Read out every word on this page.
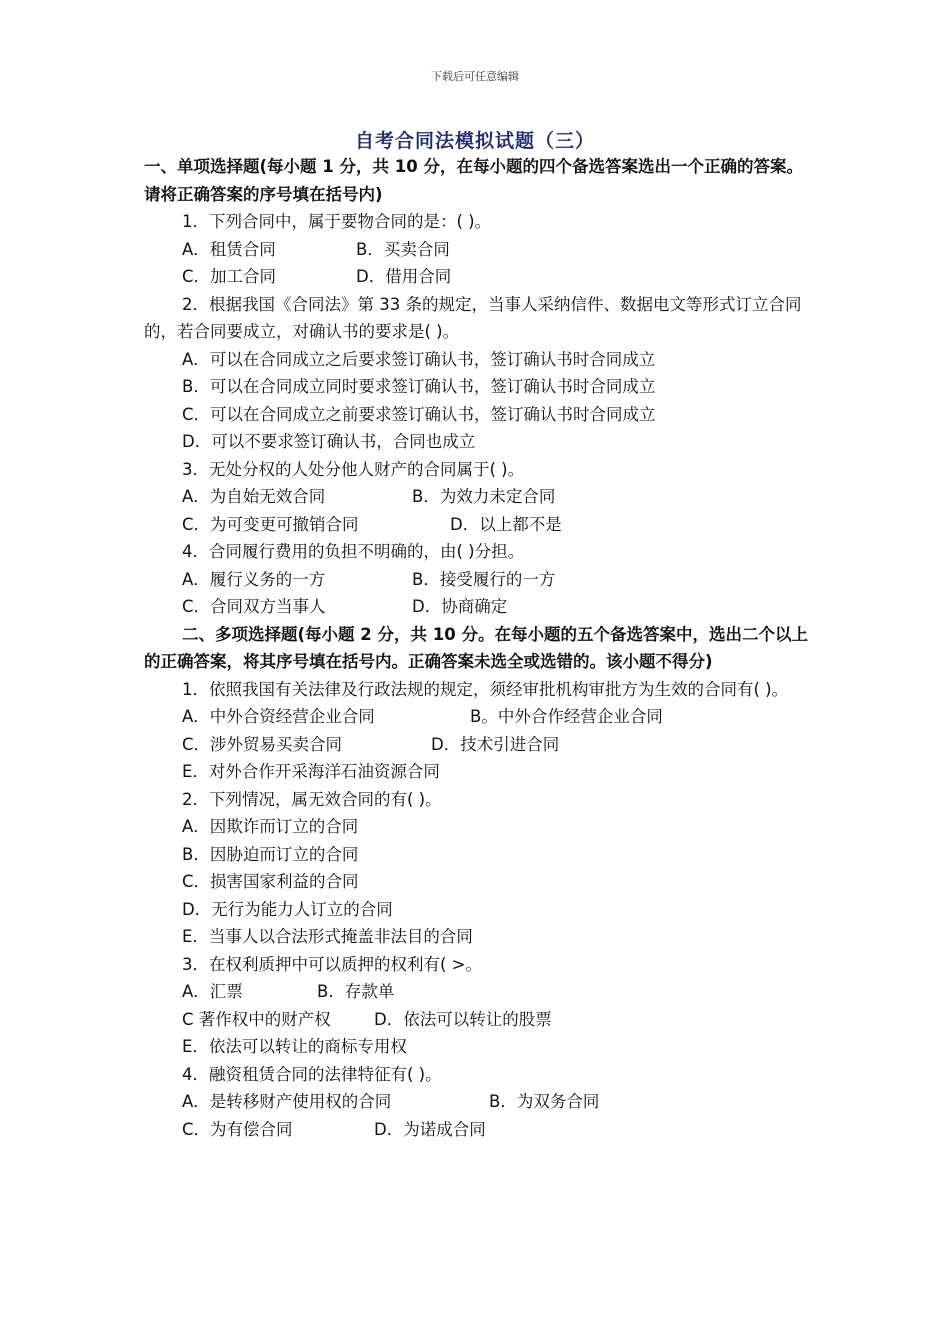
下载后可任意编辑
自考合同法模拟试题（三）
一、单项选择题(每小题 1 分，共 10 分，在每小题的四个备选答案选出一个正确的答案。请将正确答案的序号填在括号内)
1．下列合同中，属于要物合同的是：( )。
A．租赁合同	B．买卖合同
C．加工合同	D．借用合同
2．根据我国《合同法》第 33 条的规定，当事人采纳信件、数据电文等形式订立合同的，若合同要成立，对确认书的要求是( )。
A．可以在合同成立之后要求签订确认书，签订确认书时合同成立
B．可以在合同成立同时要求签订确认书，签订确认书时合同成立
C．可以在合同成立之前要求签订确认书，签订确认书时合同成立
D．可以不要求签订确认书，合同也成立
3．无处分权的人处分他人财产的合同属于( )。
A．为自始无效合同	B．为效力未定合同
C．为可变更可撤销合同	D．以上都不是
4．合同履行费用的负担不明确的，由( )分担。
A．履行义务的一方	B．接受履行的一方
C．合同双方当事人	D．协商确定
二、多项选择题(每小题 2 分，共 10 分。在每小题的五个备选答案中，选出二个以上的正确答案，将其序号填在括号内。正确答案未选全或选错的。该小题不得分)
1．依照我国有关法律及行政法规的规定，须经审批机构审批方为生效的合同有( )。
A．中外合资经营企业合同	B。中外合作经营企业合同
C．涉外贸易买卖合同	D．技术引进合同
E．对外合作开采海洋石油资源合同
2．下列情况，属无效合同的有( )。
A．因欺诈而订立的合同
B．因胁迫而订立的合同
C．损害国家利益的合同
D．无行为能力人订立的合同
E．当事人以合法形式掩盖非法目的合同
3．在权利质押中可以质押的权利有( >。
A．汇票	B．存款单
C 著作权中的财产权	D．依法可以转让的股票
E．依法可以转让的商标专用权
4．融资租赁合同的法律特征有( )。
A．是转移财产使用权的合同	B．为双务合同
C．为有偿合同	D．为诺成合同
